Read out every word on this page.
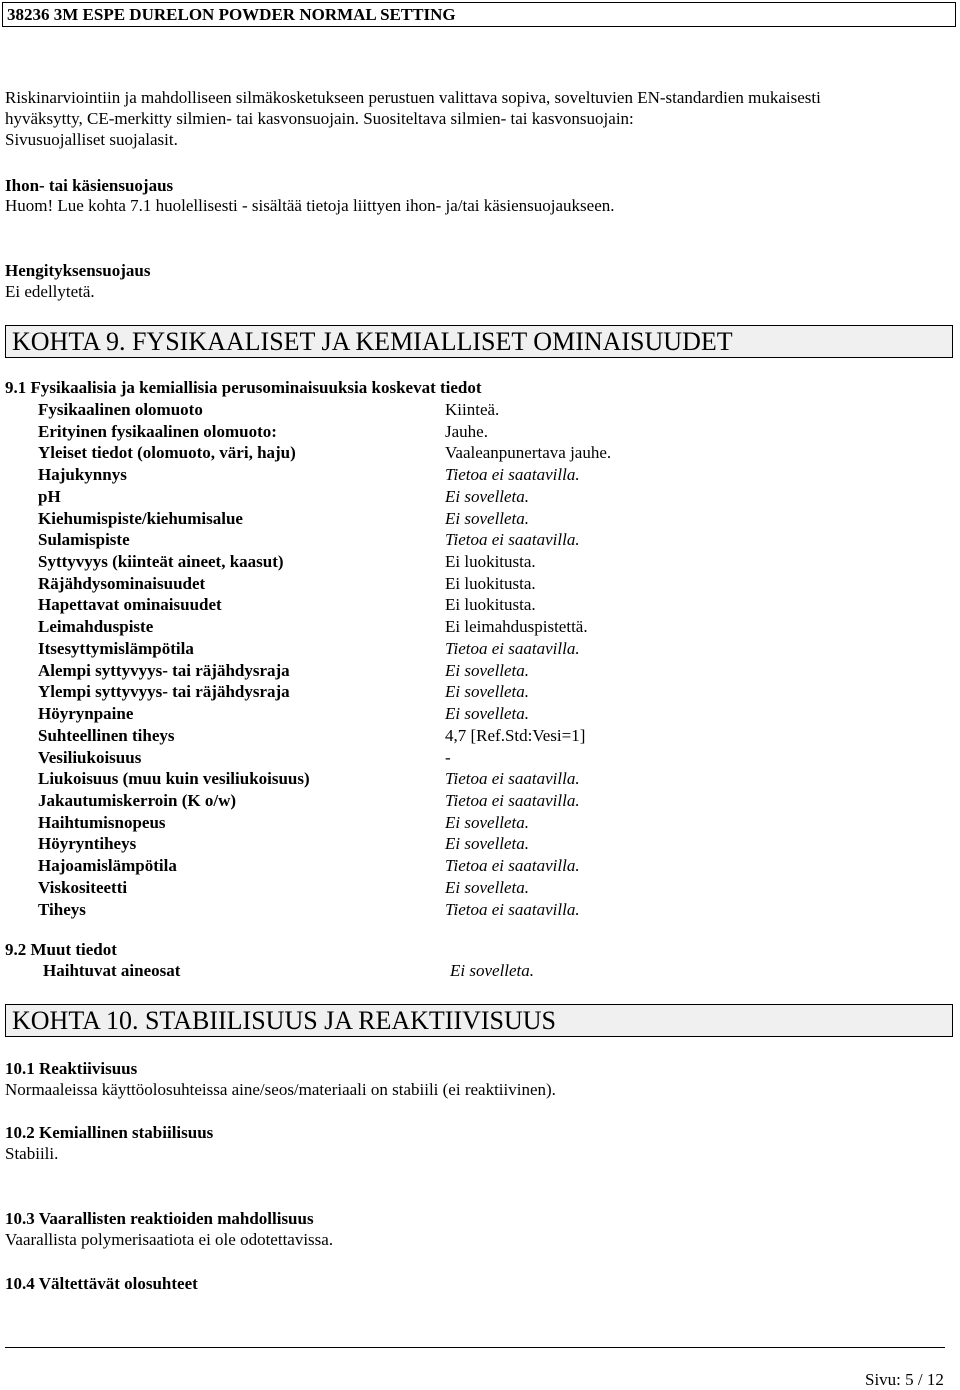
38236 3M ESPE DURELON POWDER NORMAL SETTING
Riskinarviointiin ja mahdolliseen silmäkosketukseen perustuen valittava sopiva, soveltuvien EN-standardien mukaisesti
hyväksytty, CE-merkitty silmien- tai kasvonsuojain. Suositeltava silmien- tai kasvonsuojain:
Sivusuojalliset suojalasit.
Ihon- tai käsiensuojaus
Huom! Lue kohta 7.1 huolellisesti - sisältää tietoja liittyen ihon- ja/tai käsiensuojaukseen.
Hengityksensuojaus
Ei edellytetä.
KOHTA 9. FYSIKAALISET JA KEMIALLISET OMINAISUUDET
9.1 Fysikaalisia ja kemiallisia perusominaisuuksia koskevat tiedot
Fysikaalinen olomuoto	Kiinteä.
Erityinen fysikaalinen olomuoto:	Jauhe.
Yleiset tiedot (olomuoto, väri, haju)	Vaaleanpunertava jauhe.
Hajukynnys	Tietoa ei saatavilla.
pH	Ei sovelleta.
Kiehumispiste/kiehumisalue	Ei sovelleta.
Sulamispiste	Tietoa ei saatavilla.
Syttyvyys (kiinteät aineet, kaasut)	Ei luokitusta.
Räjähdysominaisuudet	Ei luokitusta.
Hapettavat ominaisuudet	Ei luokitusta.
Leimahduspiste	Ei leimahduspistettä.
Itsesyttymislämpötila	Tietoa ei saatavilla.
Alempi syttyvyys- tai räjähdysraja	Ei sovelleta.
Ylempi syttyvyys- tai räjähdysraja	Ei sovelleta.
Höyrynpaine	Ei sovelleta.
Suhteellinen tiheys	4,7 [Ref.Std:Vesi=1]
Vesiliukoisuus	-
Liukoisuus (muu kuin vesiliukoisuus)	Tietoa ei saatavilla.
Jakautumiskerroin (K o/w)	Tietoa ei saatavilla.
Haihtumisnopeus	Ei sovelleta.
Höyryntiheys	Ei sovelleta.
Hajoamislämpötila	Tietoa ei saatavilla.
Viskositeetti	Ei sovelleta.
Tiheys	Tietoa ei saatavilla.
9.2 Muut tiedot
Haihtuvat aineosat	Ei sovelleta.
KOHTA 10. STABIILISUUS JA REAKTIIVISUUS
10.1 Reaktiivisuus
Normaaleissa käyttöolosuhteissa aine/seos/materiaali on stabiili (ei reaktiivinen).
10.2 Kemiallinen stabiilisuus
Stabiili.
10.3 Vaarallisten reaktioiden mahdollisuus
Vaarallista polymerisaatiota ei ole odotettavissa.
10.4 Vältettävät olosuhteet
Sivu: 5 / 12
